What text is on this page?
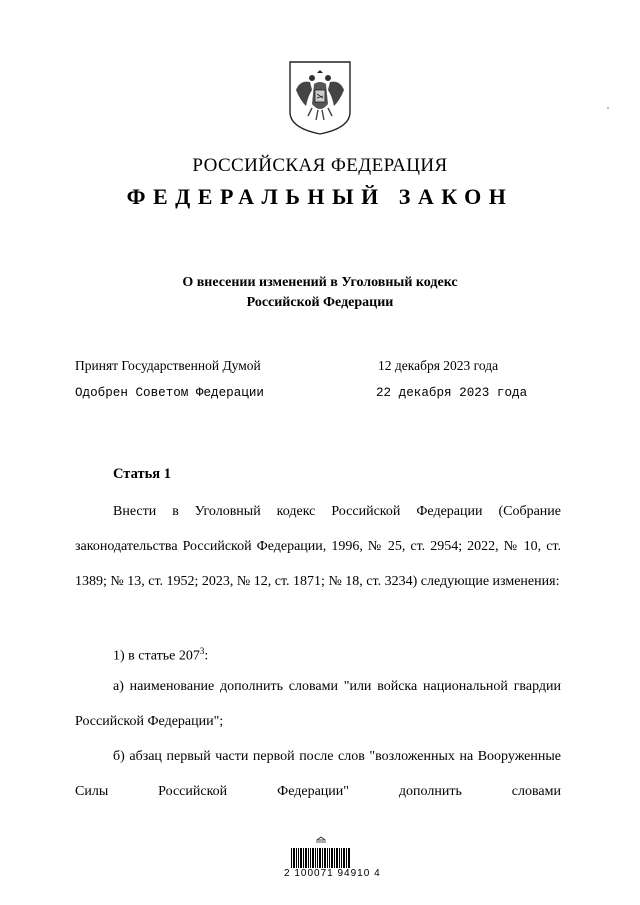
РОССИЙСКАЯ ФЕДЕРАЦИЯ
ФЕДЕРАЛЬНЫЙ ЗАКОН
О внесении изменений в Уголовный кодекс
Российской Федерации
Принят Государственной Думой	12 декабря 2023 года
Одобрен Советом Федерации	22 декабря 2023 года
Статья 1
Внести в Уголовный кодекс Российской Федерации (Собрание законодательства Российской Федерации, 1996, № 25, ст. 2954; 2022, № 10, ст. 1389; № 13, ст. 1952; 2023, № 12, ст. 1871; № 18, ст. 3234) следующие изменения:
1) в статье $207^3$:
а) наименование дополнить словами "или войска национальной гвардии Российской Федерации";
б) абзац первый части первой после слов "возложенных на Вооруженные Силы Российской Федерации" дополнить словами
2 100071 94910 4
